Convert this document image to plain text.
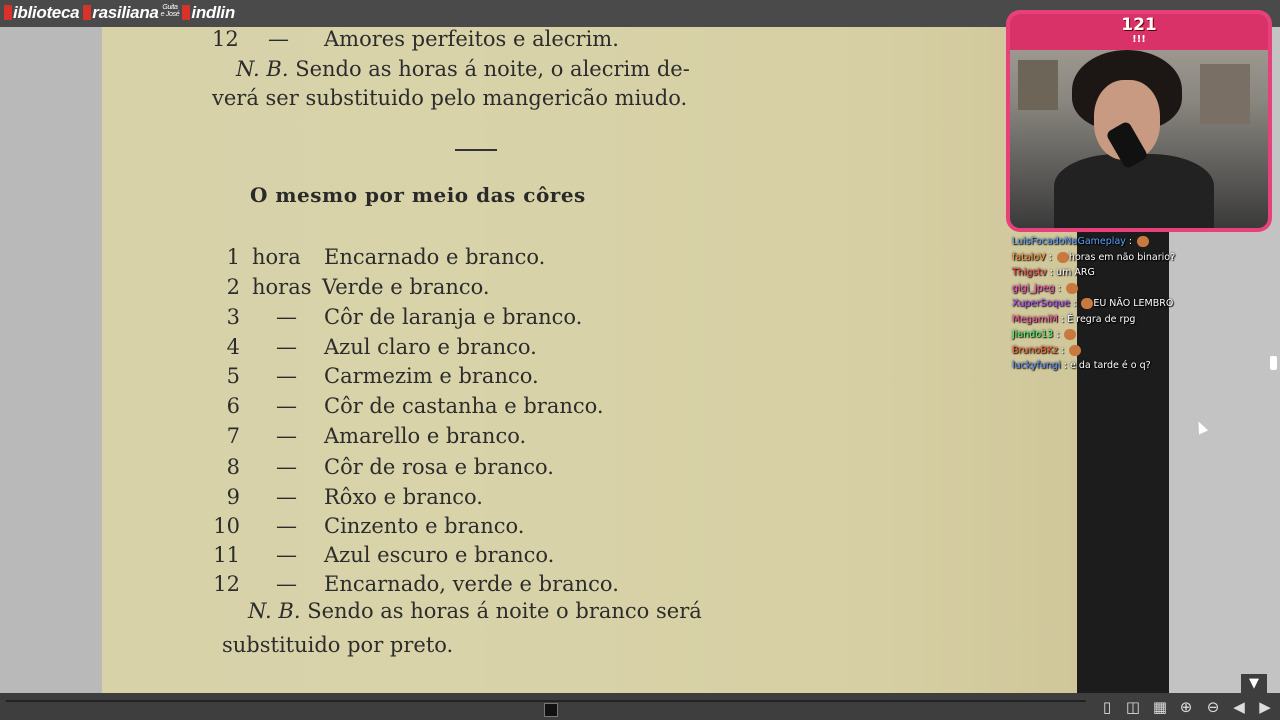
iblioteca rasiliana Guita
e José indlin
12 — Amores perfeitos e alecrim.
N. B. Sendo as horas á noite, o alecrim de-
verá ser substituido pelo mangericão miudo.
O mesmo por meio das côres
1 hora Encarnado e branco.
2 horas Verde e branco.
3 — Côr de laranja e branco.
4 — Azul claro e branco.
5 — Carmezim e branco.
6 — Côr de castanha e branco.
7 — Amarello e branco.
8 — Côr de rosa e branco.
9 — Rôxo e branco.
10 — Cinzento e branco.
11 — Azul escuro e branco.
12 — Encarnado, verde e branco.
N. B. Sendo as horas á noite o branco será
substituido por preto.
121
!!!
LuisFocadoNaGameplay :
fataloV : horas em não binario?
Thigstv : um ARG
gigi_jpeg :
XuperSoque : EU NÃO LEMBRO
MegamiM : É regra de rpg
Jiando13 :
BrunoBKz :
luckyfungi : e da tarde é o q?
▼
▯ ◫ ▦ ⊕ ⊖ ◀ ▶
